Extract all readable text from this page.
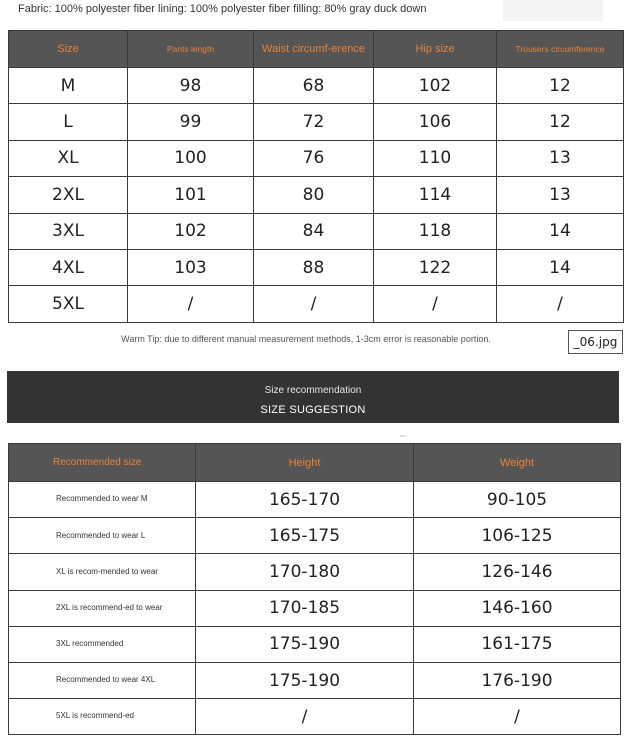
Fabric: 100% polyester fiber lining: 100% polyester fiber filling: 80% gray duck down
Size	Pants length	Waist circumf-erence	Hip size	Trousers circumference
M	98	68	102	12
L	99	72	106	12
XL	100	76	110	13
2XL	101	80	114	13
3XL	102	84	118	14
4XL	103	88	122	14
5XL	/	/	/	/
Warm Tip: due to different manual measurement methods, 1-3cm error is reasonable portion.	_06.jpg
Size recommendation
SIZE SUGGESTION
Recommended size	Height	Weight
Recommended to wear M	165-170	90-105
Recommended to wear L	165-175	106-125
XL is recom-mended to wear	170-180	126-146
2XL is recommend-ed to wear	170-185	146-160
3XL recommended	175-190	161-175
Recommended to wear 4XL	175-190	176-190
5XL is recommend-ed	/	/
